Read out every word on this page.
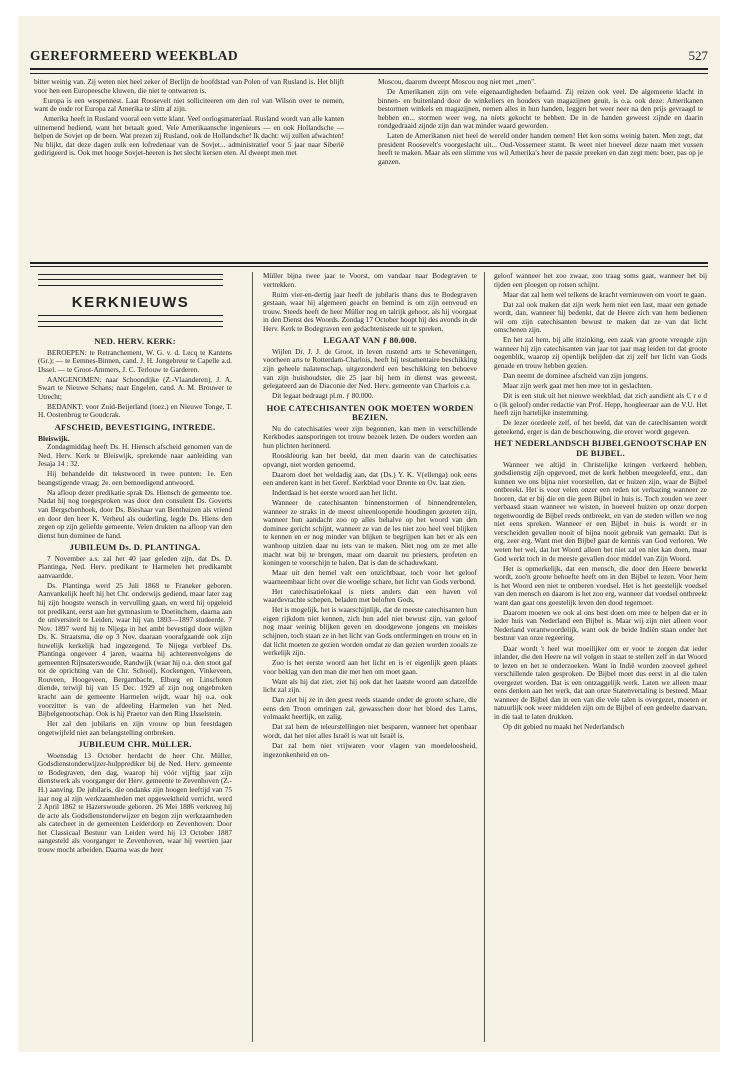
GEREFORMEERD WEEKBLAD	527

bitter weinig van. Zij weten niet heel zeker of Berlijn de hoofdstad van Polen of van Rusland is. Het blijft voor hen een Europeesche kluwen, die niet te ontwarren is.

Europa is een wespennest. Laat Roosevelt niet solliciteeren om den rol van Wilson over te nemen, want de oude rot Europa zal Amerika te slim af zijn.

Amerika heeft in Rusland vooral een vette klant. Veel oorlogsmateriaal. Rusland wordt van alle kanten uitnemend bediend, want het betaalt goed. Vele Amerikaansche ingenieurs — en ook Hollandsche — helpen de Sovjet op de been. Wat prezen zij Rusland, ook de Hollandsche! Ik dacht: wij zullen afwachten! Nu blijkt, dat deze dagen zulk een lofredenaar van de Sovjet... administratief voor 5 jaar naar Siberië gedirigeerd is. Ook met hooge Sovjet-heeren is het slecht kersen eten. Al dweept men met

Moscou, daarom dweept Moscou nog niet met „men".

De Amerikanen zijn om vele eigenaardigheden befaamd. Zij reizen ook veel. De algemeene klacht in binnen- en buitenland door de winkeliers en houders van magazijnen geuit, is o.a. ook deze: Amerikanen bestormen winkels en magazijnen, nemen alles in hun handen, leggen het weer neer na den prijs gevraagd te hebben en... stormen weer weg, na niets gekocht te hebben. De in de handen geweest zijnde en daarin rondgedraaid zijnde zijn dan wat minder waard geworden.

Laten de Amerikanen niet heel de wereld onder handen nemen! Het kon soms weinig baten. Men zegt, dat president Roosevelt's voorgeslacht uit... Oud-Vossemeer stamt. Ik weet niet hoeveel deze naam met vossen heeft te maken. Maar als een slimme vos wil Amerika's heer de passie preeken en dan zegt men: boer, pas op je ganzen.

KERKNIEUWS
NED. HERV. KERK:

BEROEPEN: te Retranchement, W. G. v. d. Lecq te Kantens (Gr.); — te Eemnes-Binnen, cand. J. H. Jongebreur te Capelle a.d. IJssel. — te Groot-Ammers, J. C. Terlouw te Garderen.

AANGENOMEN: naar Schoondijke (Z.-Vlaanderen), J. A. Swart te Nieuwe Schans; naar Engelen, cand. A. M. Brouwer te Utrecht;

BEDANKT: voor Zuid-Beijerland (toez.) en Nieuwe Tonge, T. H. Oostenbrug te Goudcrak.

AFSCHEID, BEVESTIGING, INTREDE.
Bleiswijk.

Zondagmiddag heeft Ds. H. Hiensch afscheid genomen van de Ned. Herv. Kerk te Bleiswijk, sprekende naar aanleiding van Jesaja 14 : 32.

Hij behandelde dit tekstwoord in twee punten: 1e. Een beangstigende vraag; 2e. een bemoedigend antwoord.

Na afloop dezer predikatie sprak Ds. Hiensch de gemeente toe. Nadat hij nog toegesproken was door den consulent Ds. Goverts van Bergschenhoek, door Ds. Bieshaar van Benthuizen als vriend en door den heer K. Verheul als ouderling, legde Ds. Hiens den zegen op zijn geliefde gemeente. Velen drukten na afloop van den dienst hun dominee de hand.

JUBILEUM Ds. D. PLANTINGA.

7 November a.s. zal het 40 jaar geleden zijn, dat Ds. D. Plantinga, Ned. Herv. predikant te Harmelen het predikambt aanvaardde.

Ds. Plantinga werd 25 Juli 1868 te Franeker geboren. Aanvankelijk heeft hij het Chr. onderwijs gediend, maar later zag hij zijn hoogste wensch in vervulling gaan, en werd hij opgeleid tot predikant, eerst aan het gymnasium te Doetinchem, daarna aan de universiteit te Leiden, waar hij van 1893—1897 studeerde. 7 Nov. 1897 werd hij te Nijega in het ambt bevestigd door wijlen Ds. K. Straatsma, die op 3 Nov. daaraan voorafgaande ook zijn huwelijk kerkelijk had ingezegend. Te Nijega verbleef Ds. Plantinga ongeveer 4 jaren, waarna hij achtereenvolgens de gemeenten Rijnsaterswoude, Randwijk (waar hij o.a. den stoot gaf tot de oprichting van de Chr. School), Kockengen, Vinkeveen, Rouveen, Hoogeveen, Bergambacht, Elburg en Linschoten diende, terwijl hij van 15 Dec. 1929 af zijn nog ongebroken kracht aan de gemeente Harmelen wijdt, waar hij o.a. ook voorzitter is van de afdeeling Harmelen van het Ned. Bijbelgenootschap. Ook is hij Praetor van den Ring IJsselstein.

Het zal den jubilaris en zijn vrouw op hun feestdagen ongetwijfeld niet aan belangstelling ontbreken.

JUBILEUM CHR. MüLLER.

Woensdag 13 October herdacht de heer Chr. Müller, Godsdienstonderwijzer-hulpprediker bij de Ned. Herv. gemeente te Bodegraven, den dag, waarop hij vóór vijftig jaar zijn dienstwerk als voorganger der Herv. gemeente te Zevenhoven (Z.-H.) aanving. De jubilaris, die ondanks zijn hoogen leeftijd van 75 jaar nog al zijn werkzaamheden met opgewektheid verricht, werd 2 April 1862 te Hazerswoude geboren. 26 Mei 1886 verkreeg hij de acte als Godsdienstonderwijzer en begon zijn werkzaamheden als catecheet in de gemeenten Leiderdorp en Zevenhoven. Door het Classicaal Bestuur van Leiden werd hij 13 October 1887 aangesteld als voorganger te Zevenhoven, waar hij veertien jaar trouw mocht arbeiden. Daarna was de heer

Müller bijna twee jaar te Voorst, om vandaar naar Bodegraven te vertrekken.

Ruim vier-en-dertig jaar heeft de jubilaris thans dus te Bodegraven gestaan, waar hij algemeen geacht en bemind is om zijn eenvoud en trouw. Steeds heeft de heer Müller nog en talrijk gehoor, als hij voorgaat in den Dienst des Woords. Zondag 17 October hoopt hij des avonds in de Herv. Kerk te Bodegraven een gedachtenisrede uit te spreken.

LEGAAT VAN ƒ 80.000.

Wijlen Dr. J. J. de Groot, in leven rustend arts te Scheveningen, voorheen arts te Rotterdam-Charlois, heeft bij testamentaire beschikking zijn geheele nalatenschap, uitgezonderd een beschikking ten behoeve van zijn huishoudster, die 25 jaar bij hem in dienst was geweest, gelegateerd aan de Diaconie der Ned. Herv. gemeente van Charlois c.a.

Dit legaat bedraagt pl.m. ƒ 80.000.

HOE CATECHISANTEN OOK MOETEN WORDEN BEZIEN.

Nu de catechisaties weer zijn begonnen, kan men in verschillende Kerkbodes aansporingen tot trouw bezoek lezen. De ouders worden aan hun plichten herinnerd.

Rooskleurig kan het beeld, dat men daarin van de catechisaties opvangt, niet worden genoemd.

Daarom doet het weldadig aan, dat (Ds.) Y. K. V(ellenga) ook eens een anderen kant in het Geref. Kerkblad voor Drente en Ov. laat zien.

Inderdaad is het eerste woord aan het licht.

Wanneer de catechisanten binnenstormen of binnendrentelen, wanneer ze straks in de meest uiteenloopende houdingen gezeten zijn, wanneer hun aandacht zoo op alles behalve op het woord van den dominee gericht schijnt, wanneer ze van de les niet zoo heel veel blijken te kennen en er nog minder van blijken te begrijpen kan het er als een wanhoop uitzien daar nu iets van te maken. Niet nog om ze met alle macht wat bij te brengen, maar om daaruit nu priesters, profeten en koningen te voorschijn te halen. Dat is dan de schaduwkant.

Maar uit den hemel valt een onzichtbaar, toch voor het geloof waarneembaar licht over die woelige schare, het licht van Gods verbond.

Het catechisatielokaal is niets anders dan een haven vol waardevrachte schepen, beladen met beloften Gods.

Het is mogelijk, het is waarschijnlijk, dat de meeste catechisanten hun eigen rijkdom niet kennen, zich hun adel niet bewust zijn, van geloof nog maar weinig blijken geven en doodgewone jongens en meiskes schijnen, toch staan ze in het licht van Gods ontfermingen en trouw en in dat licht moeten ze gezien worden omdat ze dan gezien worden zooals ze werkelijk zijn.

Zoo is het eerste woord aan het licht en is er eigenlijk geen plaats voor beklag van den man die met hen om moet gaan.

Want als hij dat ziet, ziet hij ook dat het laatste woord aan datzelfde licht zal zijn.

Dan ziet hij ze in den geest reeds staande onder de groote schare, die eens den Troon omringen zal, gewasschen door het bloed des Lams, volmaakt heerlijk, en zalig.

Dat zal hem de teleurstellingen niet besparen, wanneer het openbaar wordt, dat het niet alles Israël is wat uit Israël is.

Dat zal hem niet vrijwaren voor vlagen van moedeloosheid, ingezonkenheid en on-

geloof wanneer het zoo zwaar, zoo traag soms gaat, wanneer het bij tijden een ploegen op rotsen schijnt.

Maar dat zal hem wel telkens de kracht vernieuwen om voort te gaan.

Dat zal ook maken dat zijn werk hem niet een last, maar een genade wordt, dan, wanneer hij bedenkt, dat de Heere zich van hem bedienen wil om zijn catechisanten bewust te maken dat ze van dat licht omschenen zijn.

En het zal hem, bij alle inzinking, een zaak van groote vreugde zijn wanneer hij zijn catechisanten van jaar tot jaar mag leiden tot dat groote oogenblik, waarop zij openlijk belijden dat zij zelf het licht van Gods genade en trouw hebben gezien.

Dan neemt de dominee afscheid van zijn jongens.

Maar zijn werk gaat met hen mee tot in geslachten.

Dit is een stuk uit het nieuwe weekblad, dat zich aandient als C r e d o (ik geloof) onder redactie van Prof. Hepp, hoogleeraar aan de V.U. Het heeft zijn hartelijke instemming.

De lezer oordeele zelf, of het beeld, dat van de catechisanten wordt geteekend, erger is dan de beschouwing, die erover wordt gegeven.

HET NEDERLANDSCH BIJBELGENOOTSCHAP EN DE BIJBEL.

Wanneer we altijd in Christelijke kringen verkeerd hebben, godsdienstig zijn opgevoed, met de kerk hebben meegeleefd, enz., dan kunnen we ons bijna niet voorstellen, dat er huizen zijn, waar de Bijbel ontbreekt. Het is voor velen onzer een reden tot verbazing wanneer ze hooren, dat er bij die en die geen Bijbel in huis is. Toch zouden we zeer verbaasd staan wanneer we wisten, in hoeveel huizen op onze dorpen tegenwoordig de Bijbel reeds ontbreekt, en van de steden willen we nog niet eens spreken. Wanneer er een Bijbel in huis is wordt er in verscheiden gevallen nooit of bijna nooit gebruik van gemaakt. Dat is erg, zeer erg. Want met den Bijbel gaat de kennis van God verloren. We weten het wel, dat het Woord alleen het niet zal en niet kan doen, maar God werkt toch in de meeste gevallen door middel van Zijn Woord.

Het is opmerkelijk, dat een mensch, die door den Heere bewerkt wordt, zoo'n groote behoefte heeft om in den Bijbel te lezen. Voor hem is het Woord een niet te ontberen voedsel. Het is het geestelijk voedsel van den mensch en daarom is het zoo erg, wanneer dat voedsel ontbreekt want dan gaat ons geestelijk leven den dood tegemoet.

Daarom moeten we ook al ons best doen om mee te helpen dat er in ieder huis van Nederland een Bijbel is. Maar wij zijn niet alleen voor Nederland verantwoordelijk, want ook de beide Indiën staan onder het bestuur van onze regeering.

Daar wordt 't heel wat moeilijker om er voor te zorgen dat ieder inlander, die den Heere na wil volgen in staat te stellen zelf in dat Woord te lezen en het te onderzoeken. Want in Indië worden zooveel geheel verschillende talen gesproken. De Bijbel moet dus eerst in al die talen overgezet worden. Dat is een ontzaggelijk werk. Laten we alleen maar eens denken aan het werk, dat aan onze Statenvertaling is besteed. Maar wanneer de Bijbel dan in een van die vele talen is overgezet, moeten er natuurlijk ook weer middelen zijn om de Bijbel of een gedeelte daarvan, in die taal te laten drukken.

Op dit gebied nu maakt het Nederlandsch
